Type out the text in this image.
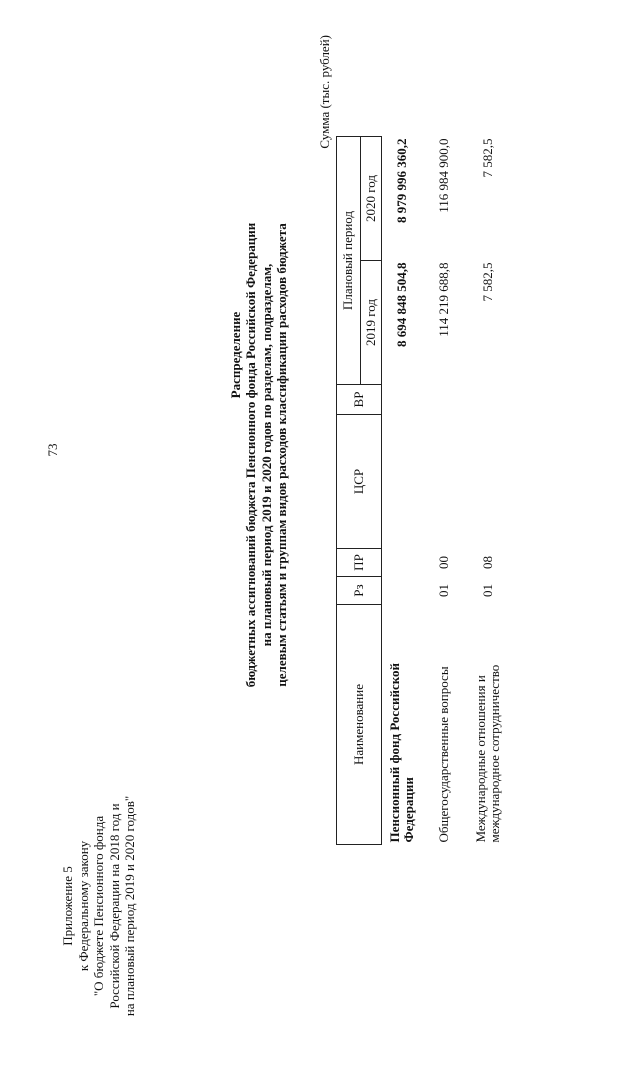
73
Приложение 5 к Федеральному закону "О бюджете Пенсионного фонда Российской Федерации на 2018 год и на плановый период 2019 и 2020 годов"
Распределение бюджетных ассигнований бюджета Пенсионного фонда Российской Федерации на плановый период 2019 и 2020 годов по разделам, подразделам, целевым статьям и группам видов расходов классификации расходов бюджета
Сумма (тыс. рублей)
Наименование	Рз	ПР	ЦСР	ВР	Плановый период	
					2019 год	2020 год
Пенсионный фонд Российской Федерации					8 694 848 504,8	8 979 996 360,2
Общегосударственные вопросы	01	00			114 219 688,8	116 984 900,0
Международные отношения и международное сотрудничество	01	08			7 582,5	7 582,5
